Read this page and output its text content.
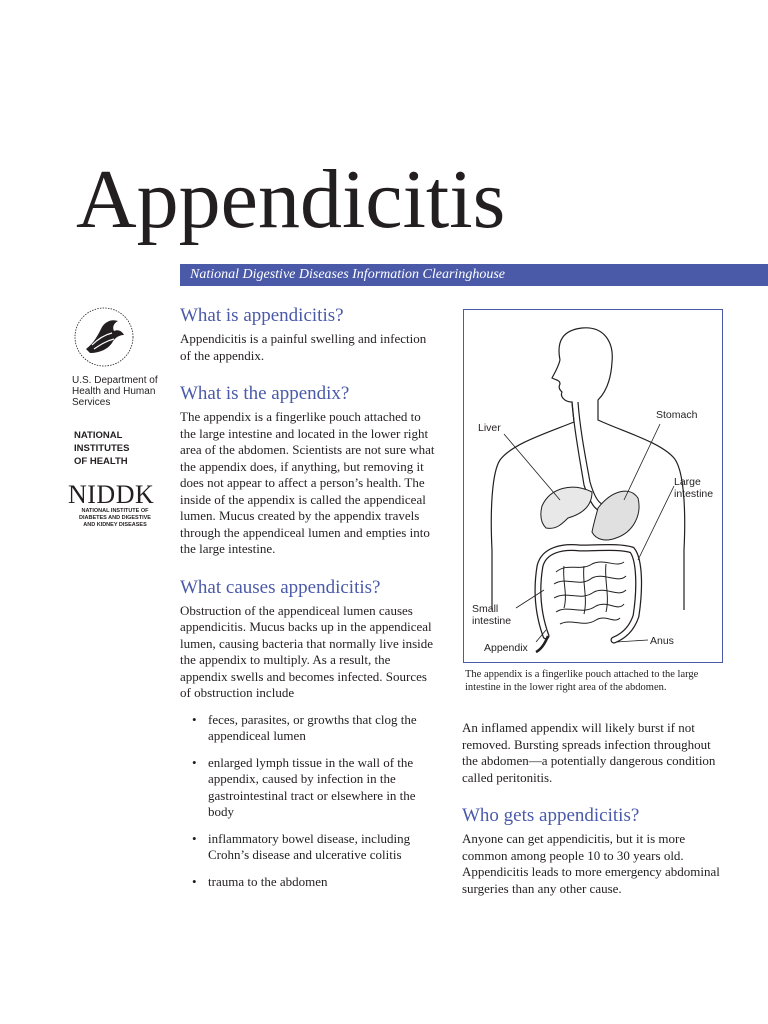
Appendicitis
National Digestive Diseases Information Clearinghouse
U.S. Department of Health and Human Services
NATIONAL
INSTITUTES
OF HEALTH
NIDDK
NATIONAL INSTITUTE OF
DIABETES AND DIGESTIVE
AND KIDNEY DISEASES
What is appendicitis?

Appendicitis is a painful swelling and infection of the appendix.

What is the appendix?

The appendix is a fingerlike pouch attached to the large intestine and located in the lower right area of the abdomen. Scientists are not sure what the appendix does, if anything, but removing it does not appear to affect a person’s health. The inside of the appendix is called the appendiceal lumen. Mucus created by the appendix travels through the appendiceal lumen and empties into the large intestine.

What causes appendicitis?

Obstruction of the appendiceal lumen causes appendicitis. Mucus backs up in the appendiceal lumen, causing bacteria that normally live inside the appendix to multiply. As a result, the appendix swells and becomes infected. Sources of obstruction include

• feces, parasites, or growths that clog the appendiceal lumen
• enlarged lymph tissue in the wall of the appendix, caused by infection in the gastrointestinal tract or elsewhere in the body
• inflammatory bowel disease, including Crohn’s disease and ulcerative colitis
• trauma to the abdomen
Stomach
Liver
Large
intestine
Small
intestine
Appendix
Anus
The appendix is a fingerlike pouch attached to the large intestine in the lower right area of the abdomen.

An inflamed appendix will likely burst if not removed. Bursting spreads infection throughout the abdomen—a potentially dangerous condition called peritonitis.

Who gets appendicitis?

Anyone can get appendicitis, but it is more common among people 10 to 30 years old. Appendicitis leads to more emergency abdominal surgeries than any other cause.
